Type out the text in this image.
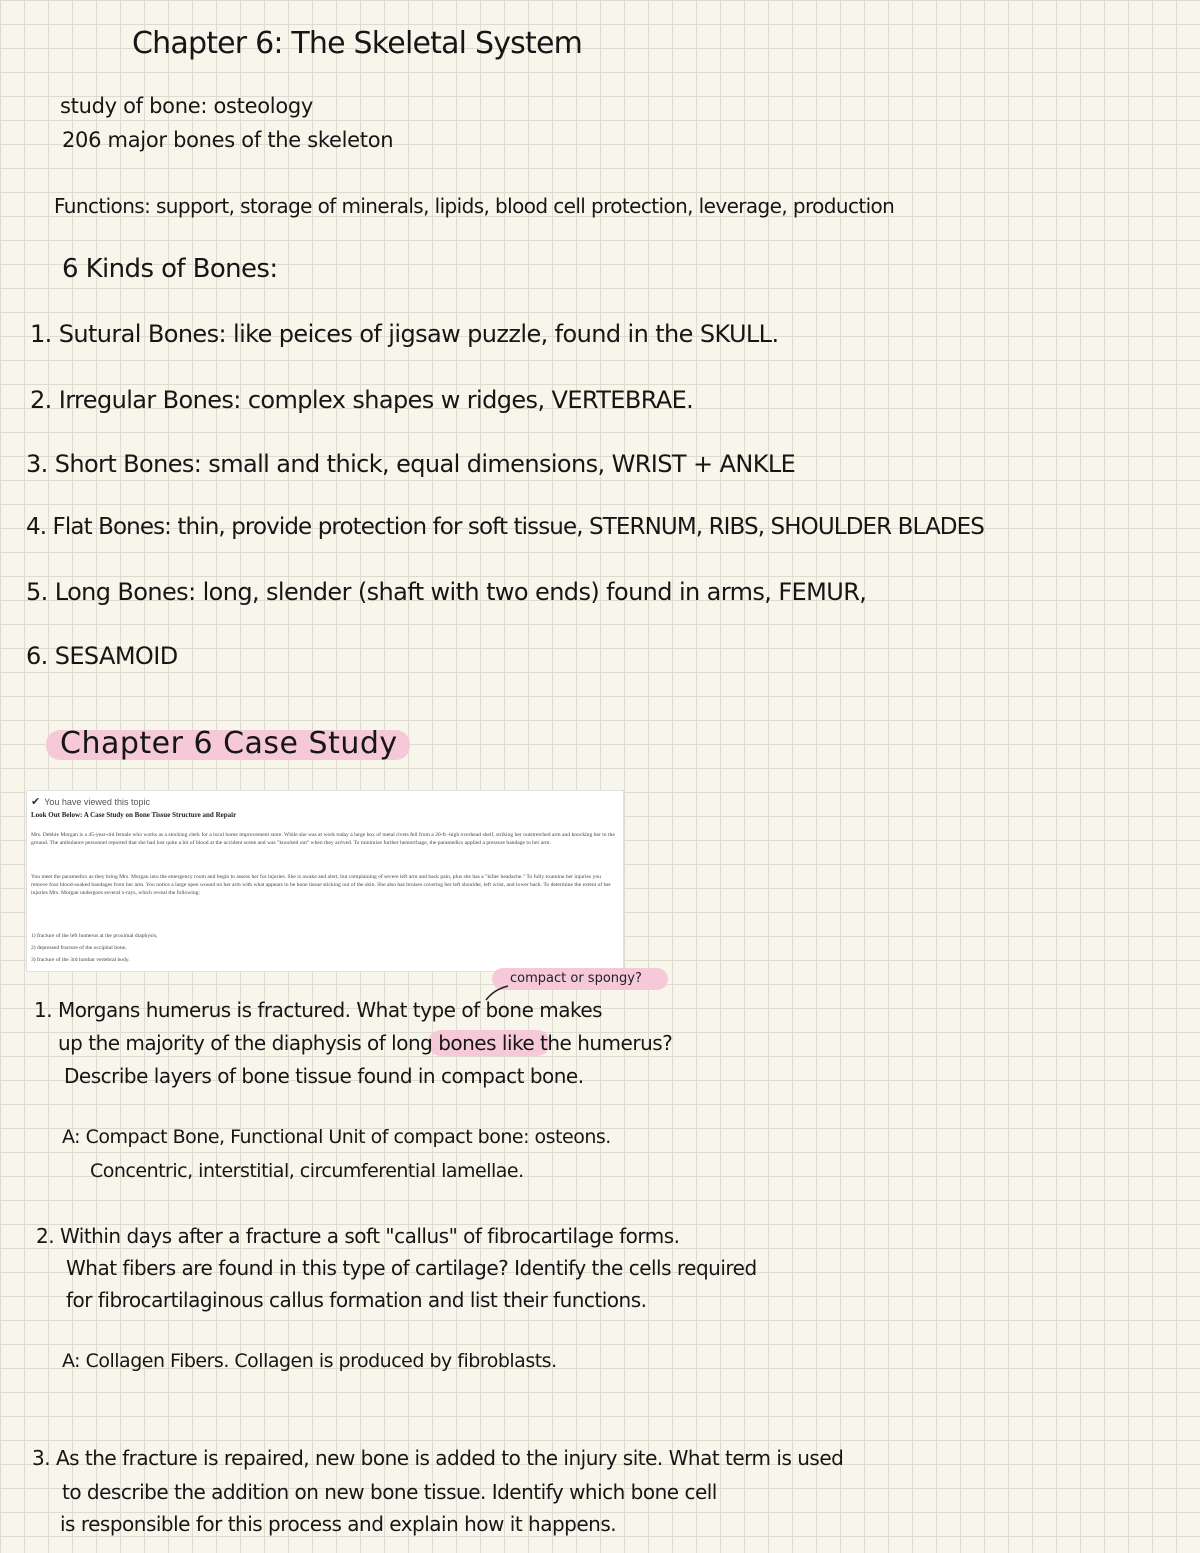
Chapter 6: The Skeletal System
study of bone: osteology
206 major bones of the skeleton
Functions: support, storage of minerals, lipids, blood cell protection, leverage, production
6 Kinds of Bones:
1. Sutural Bones: like peices of jigsaw puzzle, found in the SKULL.
2. Irregular Bones: complex shapes w ridges, VERTEBRAE.
3. Short Bones: small and thick, equal dimensions, WRIST + ANKLE
4. Flat Bones: thin, provide protection for soft tissue, STERNUM, RIBS, SHOULDER BLADES
5. Long Bones: long, slender (shaft with two ends) found in arms, FEMUR,
6. SESAMOID
Chapter 6 Case Study
✔ You have viewed this topic
Look Out Below: A Case Study on Bone Tissue Structure and Repair

Mrs. Debbie Morgan is a 45-year-old female who works as a stocking clerk for a local home improvement store. While she was at work today a large box of metal rivets fell from a 20-ft.-high overhead shelf, striking her outstretched arm and knocking her to the ground. The ambulance personnel reported that she had lost quite a bit of blood at the accident scene and was "knocked out" when they arrived. To minimize further hemorrhage, the paramedics applied a pressure bandage to her arm.

You meet the paramedics as they bring Mrs. Morgan into the emergency room and begin to assess her for injuries. She is awake and alert, but complaining of severe left arm and back pain, plus she has a "killer headache." To fully examine her injuries you remove four blood-soaked bandages from her arm. You notice a large open wound on her arm with what appears to be bone tissue sticking out of the skin. She also has bruises covering her left shoulder, left wrist, and lower back. To determine the extent of her injuries Mrs. Morgan undergoes several x-rays, which reveal the following:

1) fracture of the left humerus at the proximal diaphysis,
2) depressed fracture of the occipital bone,
3) fracture of the 3rd lumbar vertebral body.
compact or spongy?
1. Morgans humerus is fractured. What type of bone makes
up the majority of the diaphysis of long bones like the humerus?
Describe layers of bone tissue found in compact bone.
A: Compact Bone, Functional Unit of compact bone: osteons.
Concentric, interstitial, circumferential lamellae.
2. Within days after a fracture a soft "callus" of fibrocartilage forms.
What fibers are found in this type of cartilage? Identify the cells required
for fibrocartilaginous callus formation and list their functions.
A: Collagen Fibers. Collagen is produced by fibroblasts.
3. As the fracture is repaired, new bone is added to the injury site. What term is used
to describe the addition on new bone tissue. Identify which bone cell
is responsible for this process and explain how it happens.
